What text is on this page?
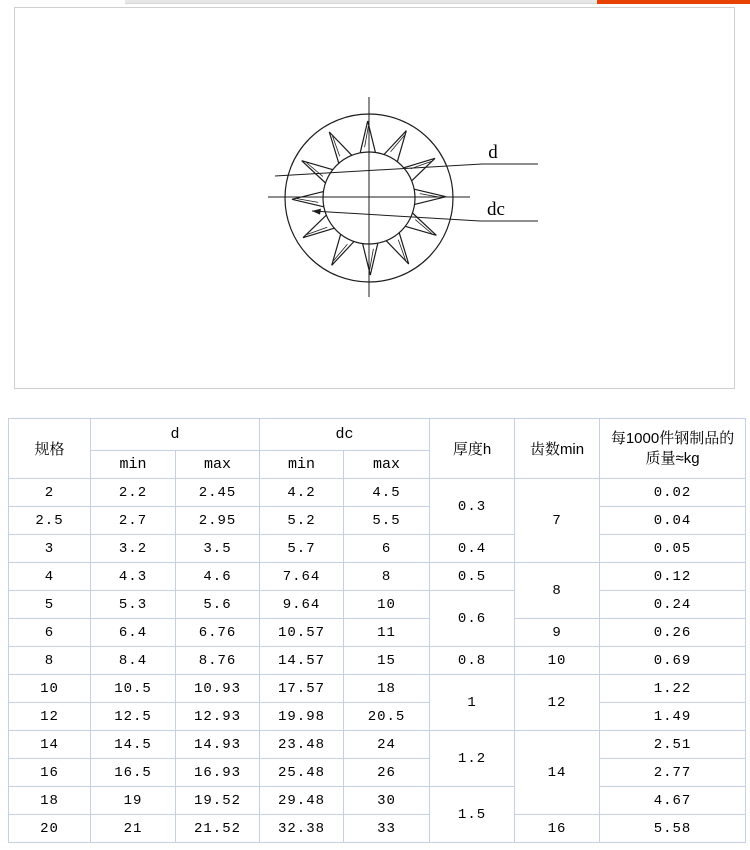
d
dc
规格	d		dc		厚度h	齿数min	每1000件钢制品的
质量≈kg
	min	max	min	max			
2	2.2	2.45	4.2	4.5	0.3	7	0.02
2.5	2.7	2.95	5.2	5.5			0.04
3	3.2	3.5	5.7	6	0.4		0.05
4	4.3	4.6	7.64	8	0.5	8	0.12
5	5.3	5.6	9.64	10	0.6		0.24
6	6.4	6.76	10.57	11		9	0.26
8	8.4	8.76	14.57	15	0.8	10	0.69
10	10.5	10.93	17.57	18	1	12	1.22
12	12.5	12.93	19.98	20.5			1.49
14	14.5	14.93	23.48	24	1.2	14	2.51
16	16.5	16.93	25.48	26			2.77
18	19	19.52	29.48	30	1.5		4.67
20	21	21.52	32.38	33		16	5.58
